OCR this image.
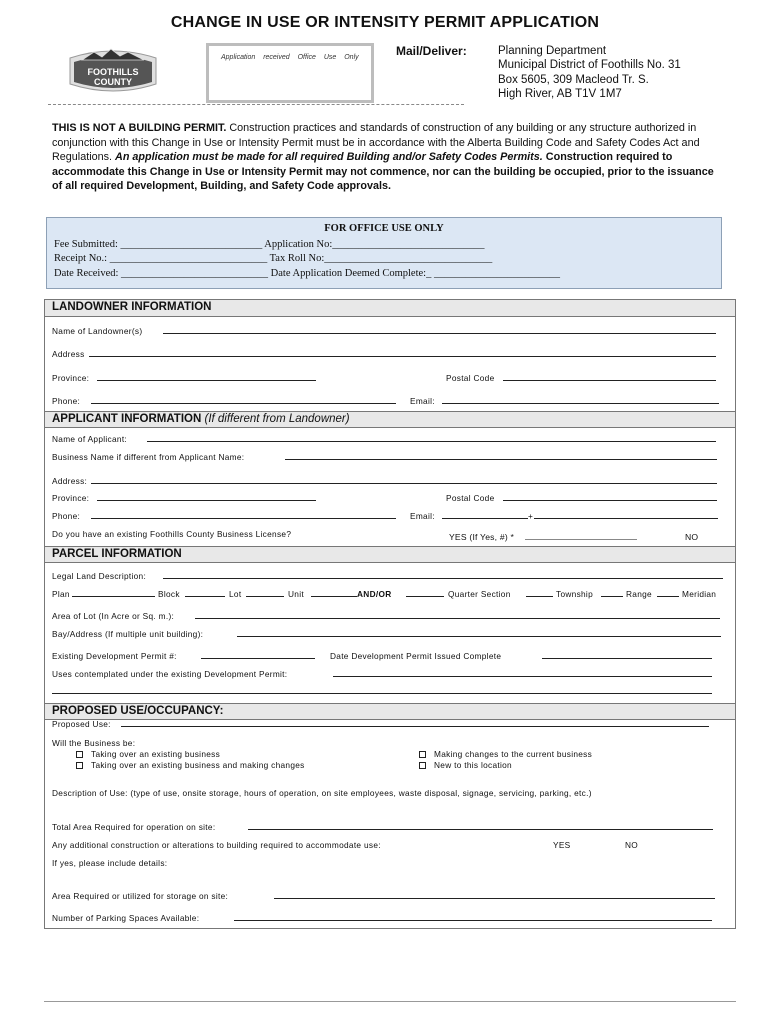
CHANGE IN USE OR INTENSITY PERMIT APPLICATION
FOOTHILLS
COUNTY
Application received Office Use Only	Mail/Deliver:	Planning Department
Municipal District of Foothills No. 31
Box 5605, 309 Macleod Tr. S.
High River, AB T1V 1M7
THIS IS NOT A BUILDING PERMIT. Construction practices and standards of construction of any building or any structure authorized in conjunction with this Change in Use or Intensity Permit must be in accordance with the Alberta Building Code and Safety Codes Act and Regulations. An application must be made for all required Building and/or Safety Codes Permits. Construction required to accommodate this Change in Use or Intensity Permit may not commence, nor can the building be occupied, prior to the issuance of all required Development, Building, and Safety Code approvals.
FOR OFFICE USE ONLY
Fee Submitted: ___________________________ Application No:_____________________________
Receipt No.: ______________________________ Tax Roll No:________________________________
Date Received: ____________________________ Date Application Deemed Complete:_ ________________________
LANDOWNER INFORMATION
Name of Landowner(s)
Address
Province:	Postal Code
Phone:	Email:
APPLICANT INFORMATION (If different from Landowner)
Name of Applicant:
Business Name if different from Applicant Name:
Address:
Province:	Postal Code
Phone:	Email:	+
Do you have an existing Foothills County Business License?	YES (If Yes, #) *	NO
PARCEL INFORMATION
Legal Land Description:
Plan	Block	Lot	Unit	AND/OR	Quarter Section	Township	Range	Meridian
Area of Lot (In Acre or Sq. m.):
Bay/Address (If multiple unit building):
Existing Development Permit #:	Date Development Permit Issued Complete
Uses contemplated under the existing Development Permit:
PROPOSED USE/OCCUPANCY:
Proposed Use:
Will the Business be:
Taking over an existing business
Taking over an existing business and making changes
Making changes to the current business
New to this location
Description of Use: (type of use, onsite storage, hours of operation, on site employees, waste disposal, signage, servicing, parking, etc.)
Total Area Required for operation on site:
Any additional construction or alterations to building required to accommodate use:	YES	NO
If yes, please include details:
Area Required or utilized for storage on site:
Number of Parking Spaces Available:
